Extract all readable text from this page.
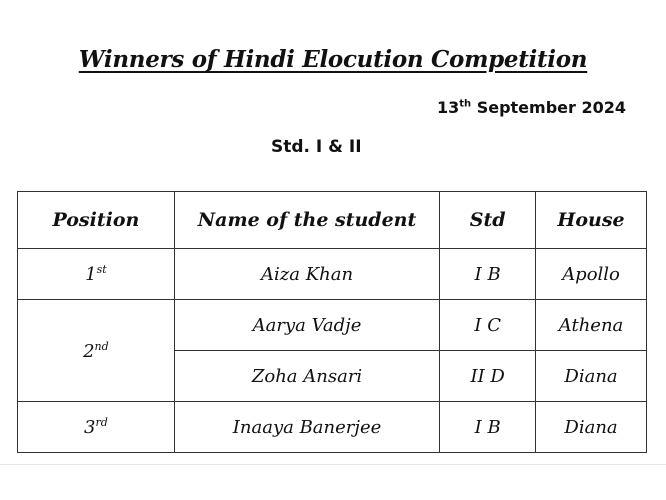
Winners of Hindi Elocution Competition
13th September 2024
Std. I & II
Position	Name of the student	Std	House
1st	Aiza Khan	I B	Apollo
2nd	Aarya Vadje	I C	Athena
	Zoha Ansari	II D	Diana
3rd	Inaaya Banerjee	I B	Diana
